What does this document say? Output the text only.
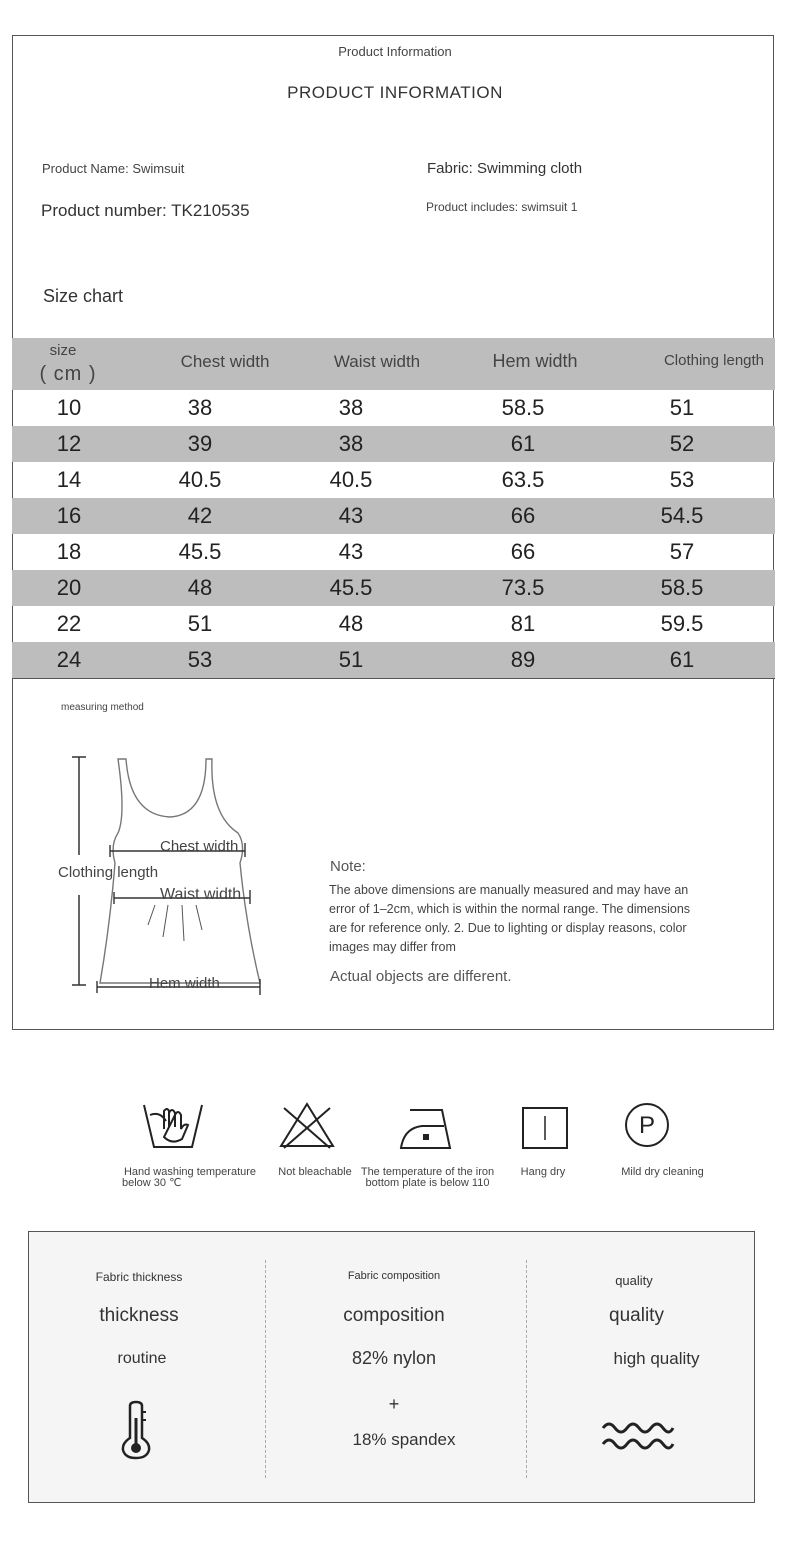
Product Information
PRODUCT INFORMATION
Product Name: Swimsuit	Fabric: Swimming cloth
Product number: TK210535	Product includes: swimsuit 1
Size chart
size
( cm )
Chest width	Waist width	Hem width	Clothing length
10	38	38	58.5	51
12	39	38	61	52
14	40.5	40.5	63.5	53
16	42	43	66	54.5
18	45.5	43	66	57
20	48	45.5	73.5	58.5
22	51	48	81	59.5
24	53	51	89	61
measuring method
Chest width
Clothing length
Waist width
Hem width
Note:
The above dimensions are manually measured and may have an error of 1–2cm, which is within the normal range. The dimensions are for reference only. 2. Due to lighting or display reasons, color images may differ from
Actual objects are different.
P
Hand washing temperature
below 30 ℃
Not bleachable The temperature of the iron
bottom plate is below 110
Hang dry	Mild dry cleaning
Fabric thickness
thickness
routine
Fabric composition
composition
82% nylon
+
18% spandex
quality
quality
high quality
